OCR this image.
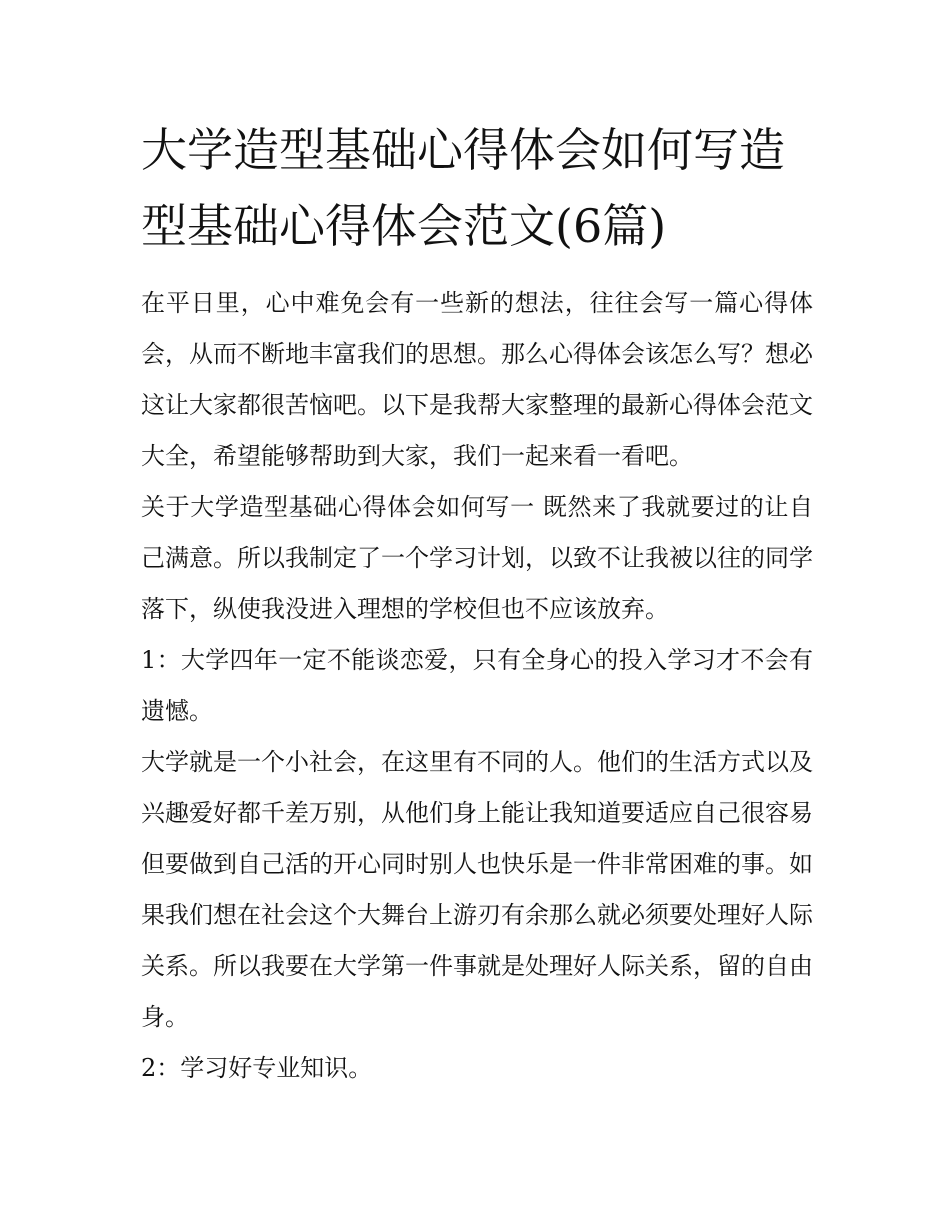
大学造型基础心得体会如何写造型基础心得体会范文(6篇)

在平日里，心中难免会有一些新的想法，往往会写一篇心得体会，从而不断地丰富我们的思想。那么心得体会该怎么写？想必这让大家都很苦恼吧。以下是我帮大家整理的最新心得体会范文大全，希望能够帮助到大家，我们一起来看一看吧。

关于大学造型基础心得体会如何写一 既然来了我就要过的让自己满意。所以我制定了一个学习计划，以致不让我被以往的同学落下，纵使我没进入理想的学校但也不应该放弃。

1：大学四年一定不能谈恋爱，只有全身心的投入学习才不会有遗憾。

大学就是一个小社会，在这里有不同的人。他们的生活方式以及兴趣爱好都千差万别，从他们身上能让我知道要适应自己很容易但要做到自己活的开心同时别人也快乐是一件非常困难的事。如果我们想在社会这个大舞台上游刃有余那么就必须要处理好人际关系。所以我要在大学第一件事就是处理好人际关系，留的自由身。

2：学习好专业知识。
